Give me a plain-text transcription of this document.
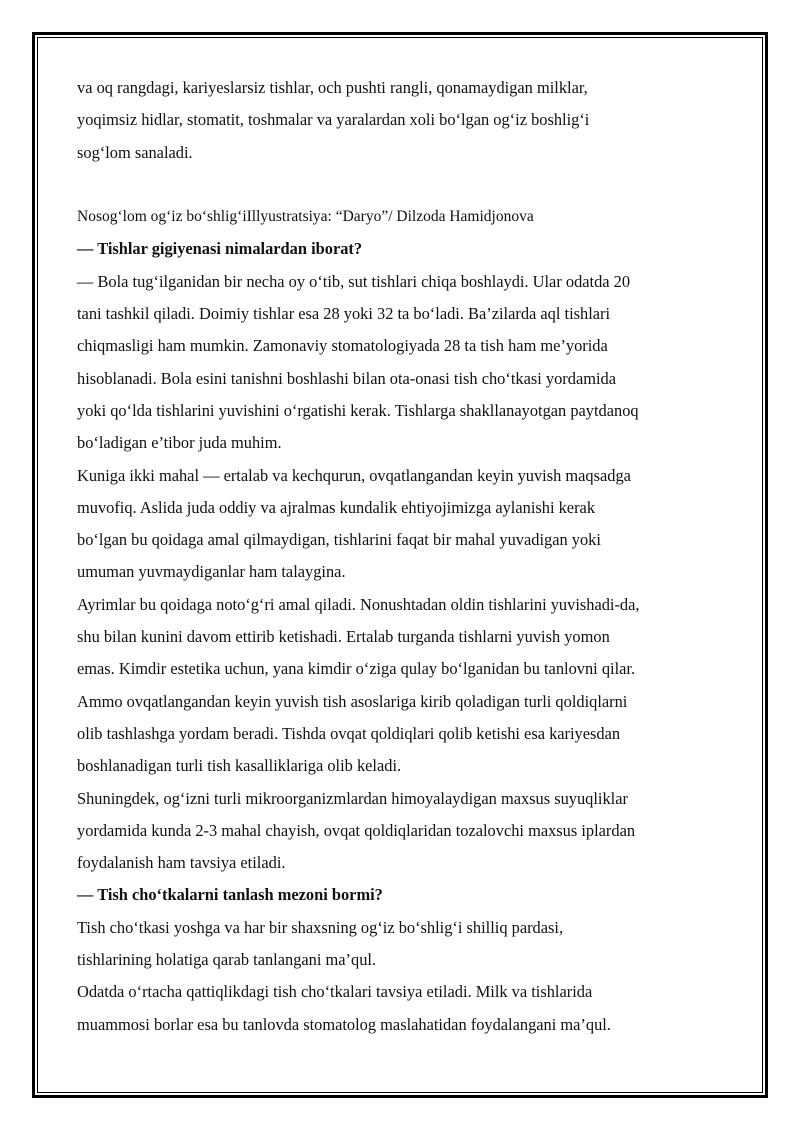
va oq rangdagi, kariyeslarsiz tishlar, och pushti rangli, qonamaydigan milklar,

yoqimsiz hidlar, stomatit, toshmalar va yaralardan xoli bo‘lgan og‘iz boshlig‘i

sog‘lom sanaladi.

Nosog‘lom og‘iz bo‘shlig‘iIllyustratsiya: “Daryo”/ Dilzoda Hamidjonova

— Tishlar gigiyenasi nimalardan iborat?

— Bola tug‘ilganidan bir necha oy o‘tib, sut tishlari chiqa boshlaydi. Ular odatda 20

tani tashkil qiladi. Doimiy tishlar esa 28 yoki 32 ta bo‘ladi. Ba’zilarda aql tishlari

chiqmasligi ham mumkin. Zamonaviy stomatologiyada 28 ta tish ham me’yorida

hisoblanadi. Bola esini tanishni boshlashi bilan ota-onasi tish cho‘tkasi yordamida

yoki qo‘lda tishlarini yuvishini o‘rgatishi kerak. Tishlarga shakllanayotgan paytdanoq

bo‘ladigan e’tibor juda muhim.

Kuniga ikki mahal — ertalab va kechqurun, ovqatlangandan keyin yuvish maqsadga

muvofiq. Aslida juda oddiy va ajralmas kundalik ehtiyojimizga aylanishi kerak

bo‘lgan bu qoidaga amal qilmaydigan, tishlarini faqat bir mahal yuvadigan yoki

umuman yuvmaydiganlar ham talaygina.

Ayrimlar bu qoidaga noto‘g‘ri amal qiladi. Nonushtadan oldin tishlarini yuvishadi-da,

shu bilan kunini davom ettirib ketishadi. Ertalab turganda tishlarni yuvish yomon

emas. Kimdir estetika uchun, yana kimdir o‘ziga qulay bo‘lganidan bu tanlovni qilar.

Ammo ovqatlangandan keyin yuvish tish asoslariga kirib qoladigan turli qoldiqlarni

olib tashlashga yordam beradi. Tishda ovqat qoldiqlari qolib ketishi esa kariyesdan

boshlanadigan turli tish kasalliklariga olib keladi.

Shuningdek, og‘izni turli mikroorganizmlardan himoyalaydigan maxsus suyuqliklar

yordamida kunda 2-3 mahal chayish, ovqat qoldiqlaridan tozalovchi maxsus iplardan

foydalanish ham tavsiya etiladi.

— Tish cho‘tkalarni tanlash mezoni bormi?

Tish cho‘tkasi yoshga va har bir shaxsning og‘iz bo‘shlig‘i shilliq pardasi,

tishlarining holatiga qarab tanlangani ma’qul.

Odatda o‘rtacha qattiqlikdagi tish cho‘tkalari tavsiya etiladi. Milk va tishlarida

muammosi borlar esa bu tanlovda stomatolog maslahatidan foydalangani ma’qul.
